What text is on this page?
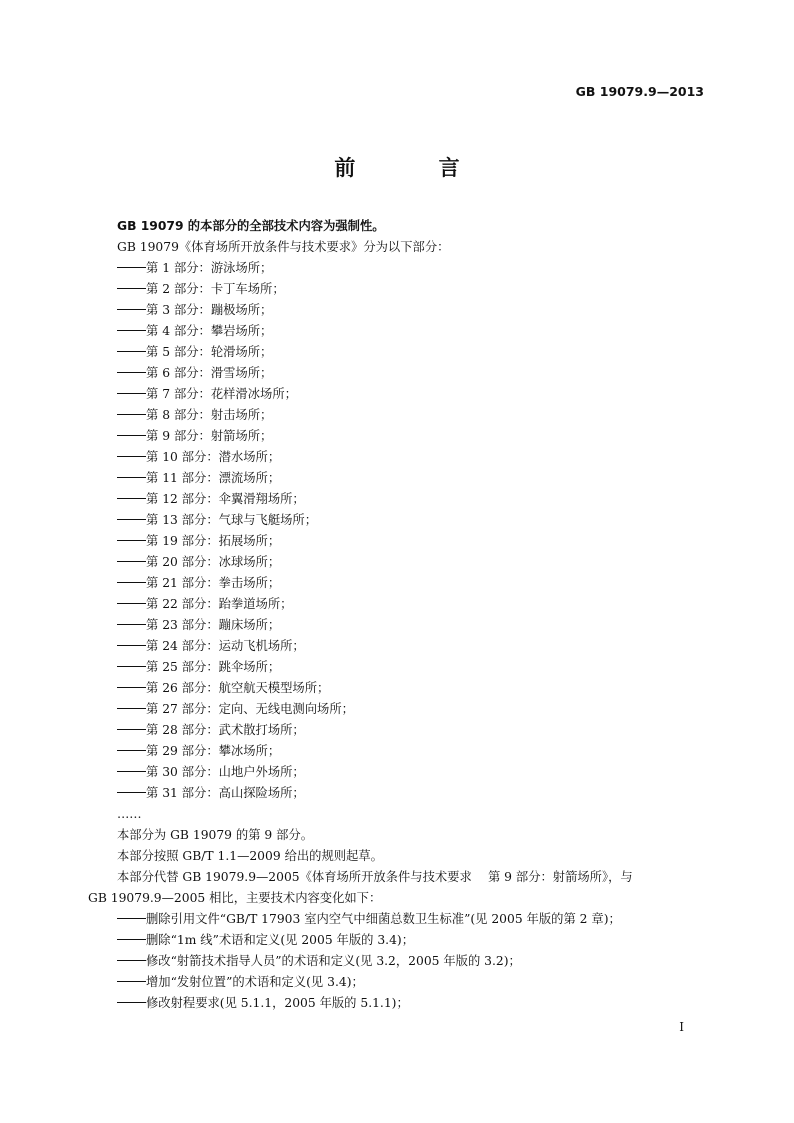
GB 19079.9—2013
前 言
GB 19079 的本部分的全部技术内容为强制性。
GB 19079《体育场所开放条件与技术要求》分为以下部分：
第 1 部分：游泳场所；
第 2 部分：卡丁车场所；
第 3 部分：蹦极场所；
第 4 部分：攀岩场所；
第 5 部分：轮滑场所；
第 6 部分：滑雪场所；
第 7 部分：花样滑冰场所；
第 8 部分：射击场所；
第 9 部分：射箭场所；
第 10 部分：潜水场所；
第 11 部分：漂流场所；
第 12 部分：伞翼滑翔场所；
第 13 部分：气球与飞艇场所；
第 19 部分：拓展场所；
第 20 部分：冰球场所；
第 21 部分：拳击场所；
第 22 部分：跆拳道场所；
第 23 部分：蹦床场所；
第 24 部分：运动飞机场所；
第 25 部分：跳伞场所；
第 26 部分：航空航天模型场所；
第 27 部分：定向、无线电测向场所；
第 28 部分：武术散打场所；
第 29 部分：攀冰场所；
第 30 部分：山地户外场所；
第 31 部分：高山探险场所；
……
本部分为 GB 19079 的第 9 部分。
本部分按照 GB/T 1.1—2009 给出的规则起草。
本部分代替 GB 19079.9—2005《体育场所开放条件与技术要求　 第 9 部分：射箭场所》，与
GB 19079.9—2005 相比，主要技术内容变化如下：
删除引用文件“GB/T 17903 室内空气中细菌总数卫生标准”(见 2005 年版的第 2 章)；
删除“1m 线”术语和定义(见 2005 年版的 3.4)；
修改“射箭技术指导人员”的术语和定义(见 3.2，2005 年版的 3.2)；
增加“发射位置”的术语和定义(见 3.4)；
修改射程要求(见 5.1.1，2005 年版的 5.1.1)；
I
